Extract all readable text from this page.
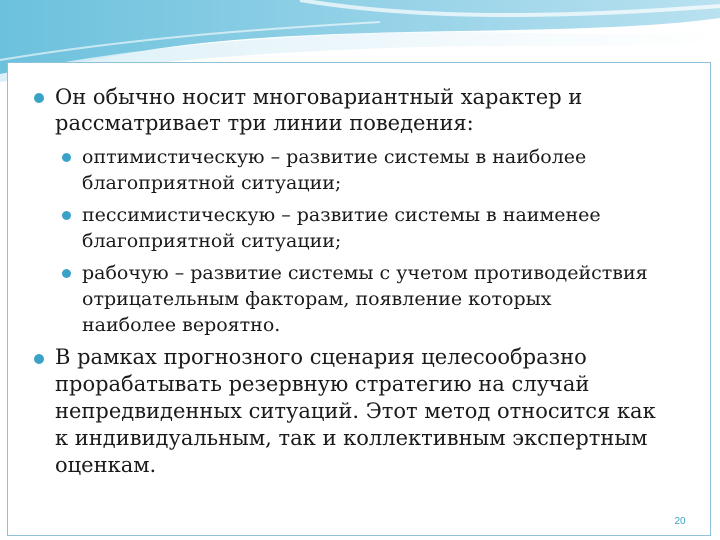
Он обычно носит многовариантный характер и
рассматривает три линии поведения:
оптимистическую – развитие системы в наиболее
благоприятной ситуации;
пессимистическую – развитие системы в наименее
благоприятной ситуации;
рабочую – развитие системы с учетом противодействия
отрицательным факторам, появление которых
наиболее вероятно.
В рамках прогнозного сценария целесообразно
прорабатывать резервную стратегию на случай
непредвиденных ситуаций. Этот метод относится как
к индивидуальным, так и коллективным экспертным
оценкам.
20
